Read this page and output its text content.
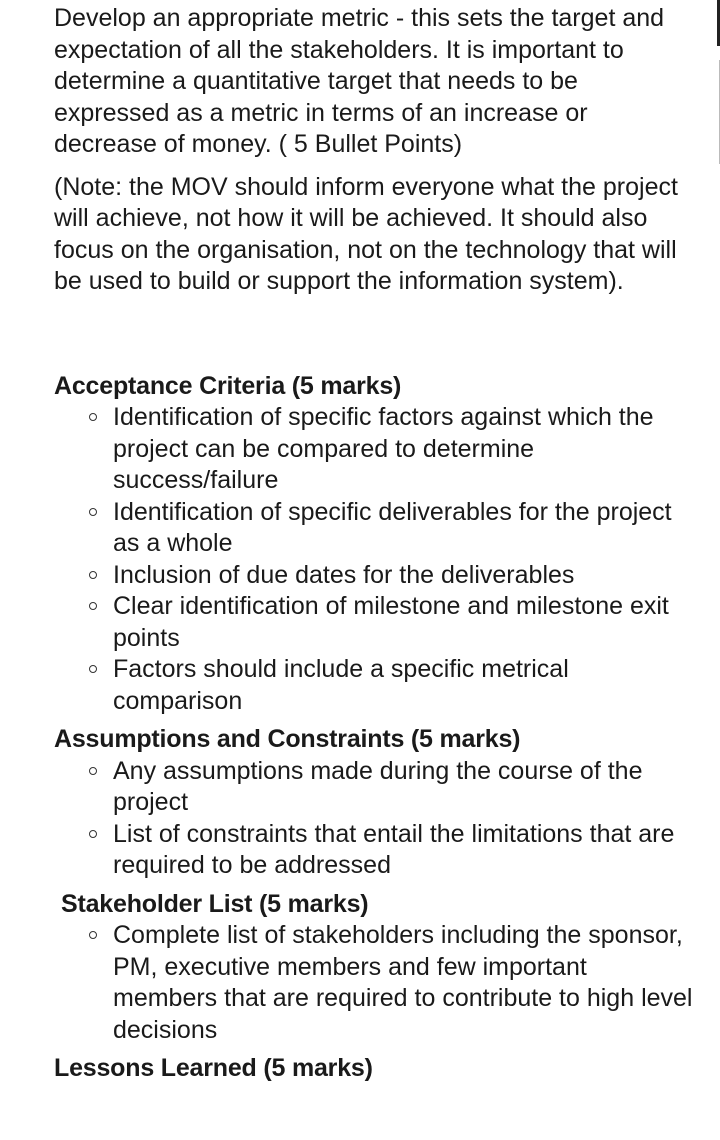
Develop an appropriate metric - this sets the target and expectation of all the stakeholders. It is important to determine a quantitative target that needs to be expressed as a metric in terms of an increase or decrease of money. ( 5 Bullet Points)

(Note: the MOV should inform everyone what the project will achieve, not how it will be achieved. It should also focus on the organisation, not on the technology that will be used to build or support the information system).

Acceptance Criteria (5 marks)

Identification of specific factors against which the project can be compared to determine success/failure
Identification of specific deliverables for the project as a whole
Inclusion of due dates for the deliverables
Clear identification of milestone and milestone exit points
Factors should include a specific metrical comparison

Assumptions and Constraints (5 marks)

Any assumptions made during the course of the project
List of constraints that entail the limitations that are required to be addressed

Stakeholder List (5 marks)

Complete list of stakeholders including the sponsor, PM, executive members and few important members that are required to contribute to high level decisions

Lessons Learned (5 marks)
